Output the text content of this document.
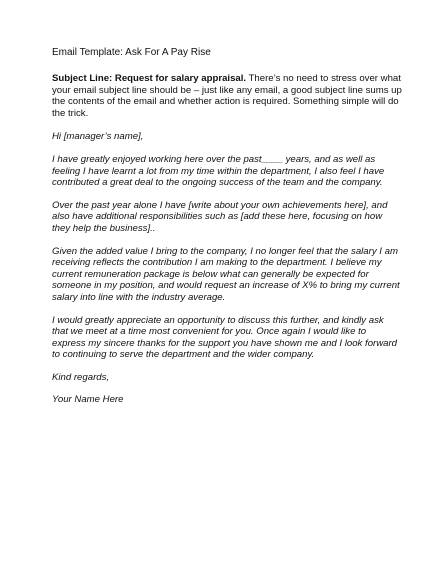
Email Template: Ask For A Pay Rise

Subject Line: Request for salary appraisal. There’s no need to stress over what your email subject line should be – just like any email, a good subject line sums up the contents of the email and whether action is required. Something simple will do the trick.

Hi [manager’s name],

I have greatly enjoyed working here over the past____ years, and as well as feeling I have learnt a lot from my time within the department, I also feel I have contributed a great deal to the ongoing success of the team and the company.

Over the past year alone I have [write about your own achievements here], and also have additional responsibilities such as [add these here, focusing on how they help the business]..

Given the added value I bring to the company, I no longer feel that the salary I am receiving reflects the contribution I am making to the department. I believe my current remuneration package is below what can generally be expected for someone in my position, and would request an increase of X% to bring my current salary into line with the industry average.

I would greatly appreciate an opportunity to discuss this further, and kindly ask that we meet at a time most convenient for you. Once again I would like to express my sincere thanks for the support you have shown me and I look forward to continuing to serve the department and the wider company.

Kind regards,

Your Name Here
